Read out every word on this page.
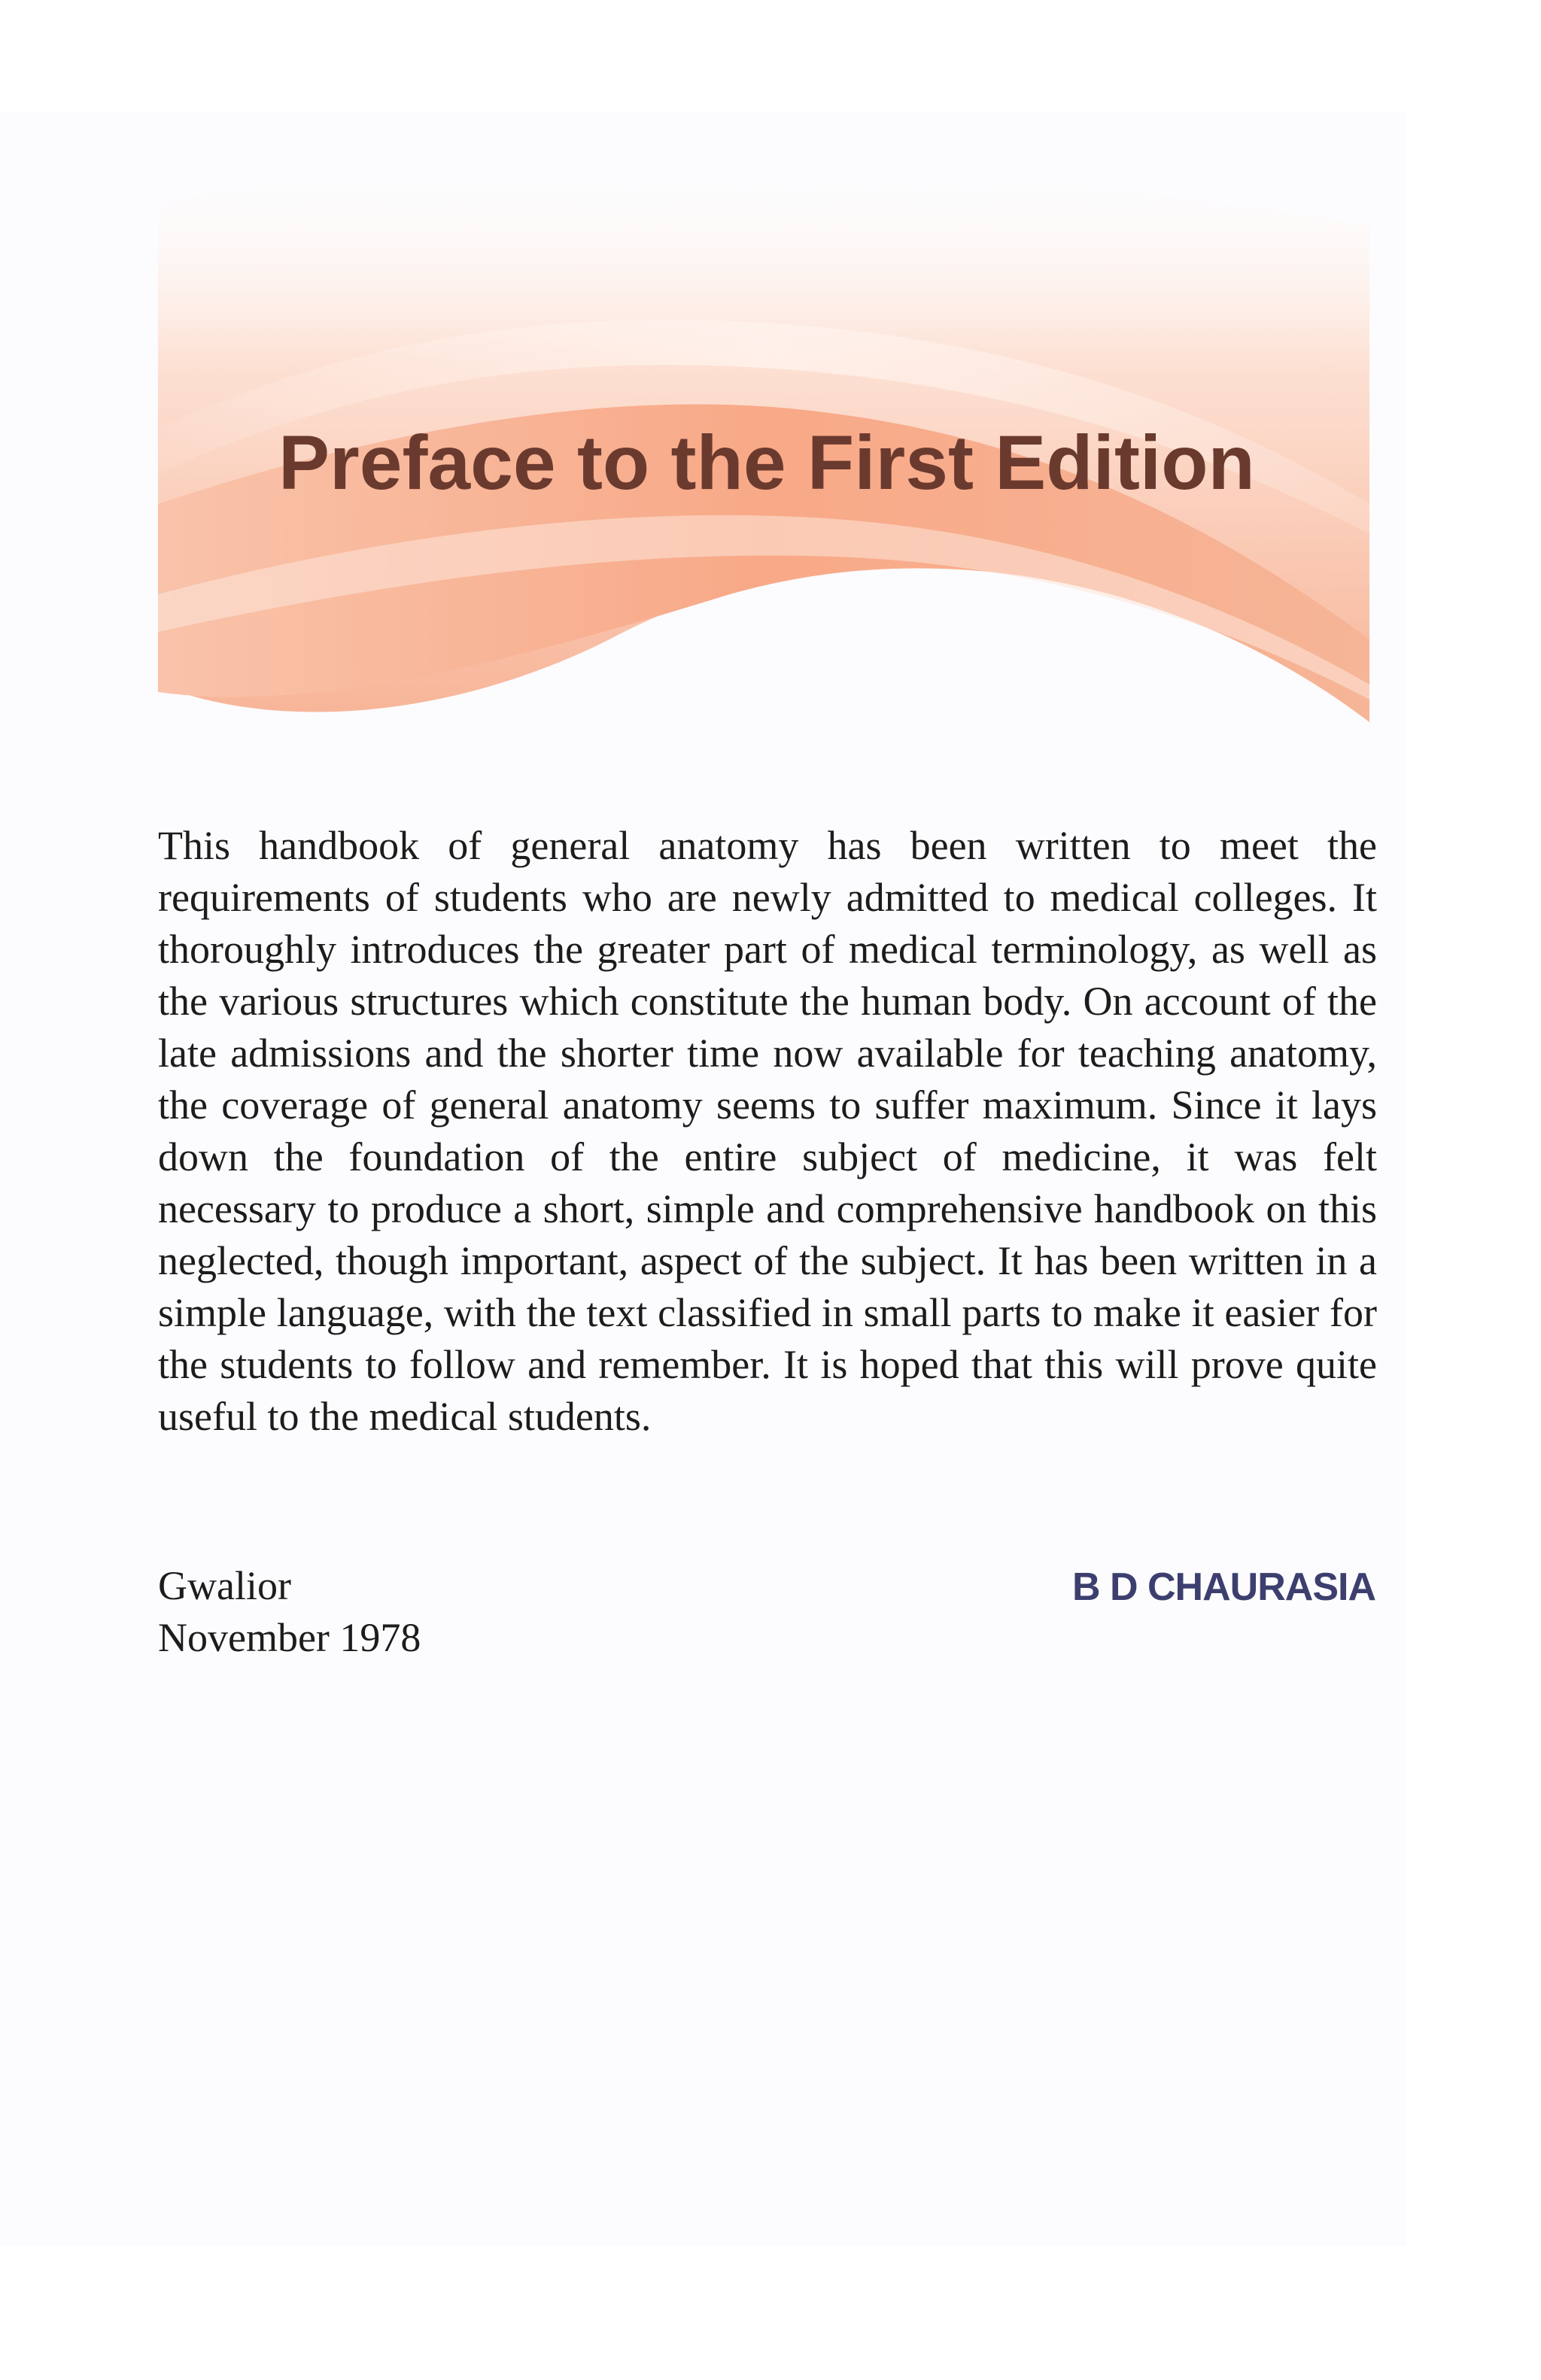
Preface to the First Edition

This handbook of general anatomy has been written to meet the requirements of students who are newly admitted to medical colleges. It thoroughly introduces the greater part of medical terminology, as well as the various structures which constitute the human body. On account of the late admissions and the shorter time now available for teaching anatomy, the coverage of general anatomy seems to suffer maximum. Since it lays down the foundation of the entire subject of medicine, it was felt necessary to produce a short, simple and comprehensive handbook on this neglected, though important, aspect of the subject. It has been written in a simple language, with the text classified in small parts to make it easier for the students to follow and remember. It is hoped that this will prove quite useful to the medical students.

Gwalior
November 1978
B D CHAURASIA
